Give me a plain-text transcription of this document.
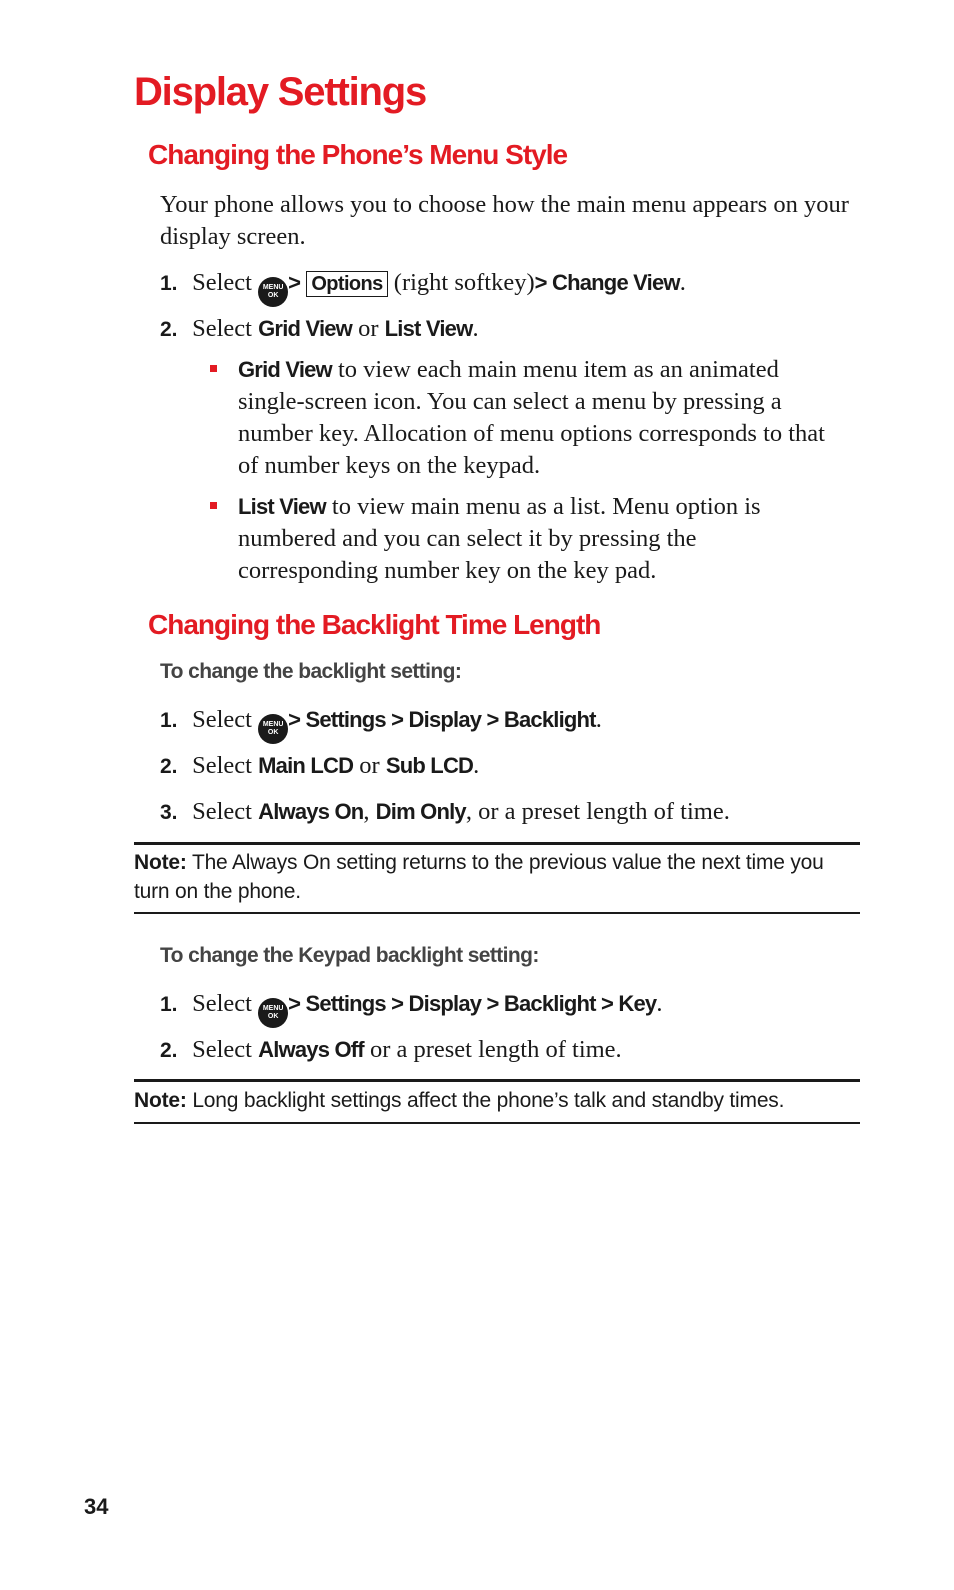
Display Settings
Changing the Phone’s Menu Style

Your phone allows you to choose how the main menu appears on your display screen.

1. Select MENU
OK> Options (right softkey)> Change View.
2. Select Grid View or List View.
Grid View to view each main menu item as an animated single-screen icon. You can select a menu by pressing a number key. Allocation of menu options corresponds to that of number keys on the keypad.
List View to view main menu as a list. Menu option is numbered and you can select it by pressing the corresponding number key on the key pad.
Changing the Backlight Time Length
To change the backlight setting:
1. Select MENU
OK> Settings > Display > Backlight.
2. Select Main LCD or Sub LCD.
3. Select Always On, Dim Only, or a preset length of time.
Note: The Always On setting returns to the previous value the next time you turn on the phone.
To change the Keypad backlight setting:
1. Select MENU
OK> Settings > Display > Backlight > Key.
2. Select Always Off or a preset length of time.
Note: Long backlight settings affect the phone’s talk and standby times.
34
